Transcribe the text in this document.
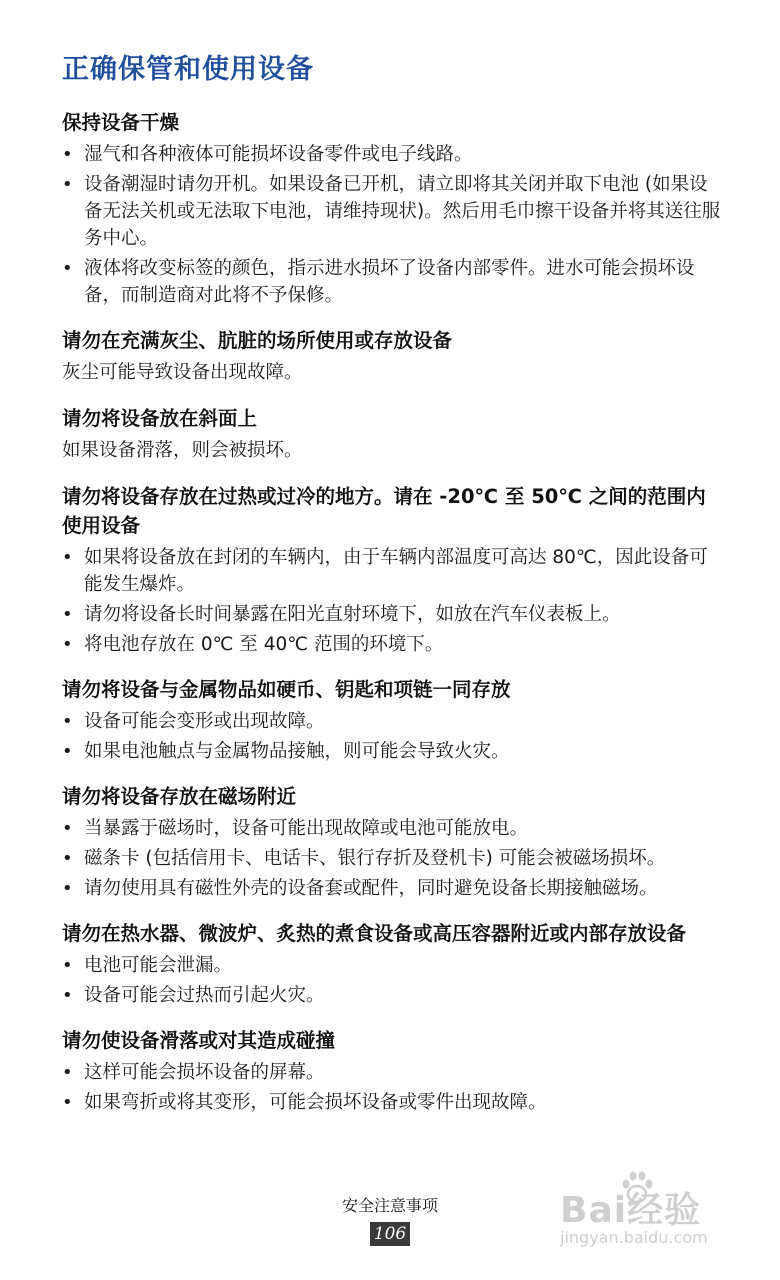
正确保管和使用设备
保持设备干燥
• 湿气和各种液体可能损坏设备零件或电子线路。
• 设备潮湿时请勿开机。如果设备已开机，请立即将其关闭并取下电池 (如果设备无法关机或无法取下电池，请维持现状)。然后用毛巾擦干设备并将其送往服务中心。
• 液体将改变标签的颜色，指示进水损坏了设备内部零件。进水可能会损坏设备，而制造商对此将不予保修。
请勿在充满灰尘、肮脏的场所使用或存放设备

灰尘可能导致设备出现故障。

请勿将设备放在斜面上

如果设备滑落，则会被损坏。

请勿将设备存放在过热或过冷的地方。请在 -20℃ 至 50℃ 之间的范围内使用设备
• 如果将设备放在封闭的车辆内，由于车辆内部温度可高达 80℃，因此设备可能发生爆炸。
• 请勿将设备长时间暴露在阳光直射环境下，如放在汽车仪表板上。
• 将电池存放在 0℃ 至 40℃ 范围的环境下。
请勿将设备与金属物品如硬币、钥匙和项链一同存放
• 设备可能会变形或出现故障。
• 如果电池触点与金属物品接触，则可能会导致火灾。
请勿将设备存放在磁场附近
• 当暴露于磁场时，设备可能出现故障或电池可能放电。
• 磁条卡 (包括信用卡、电话卡、银行存折及登机卡) 可能会被磁场损坏。
• 请勿使用具有磁性外壳的设备套或配件，同时避免设备长期接触磁场。
请勿在热水器、微波炉、炙热的煮食设备或高压容器附近或内部存放设备
• 电池可能会泄漏。
• 设备可能会过热而引起火灾。
请勿使设备滑落或对其造成碰撞
• 这样可能会损坏设备的屏幕。
• 如果弯折或将其变形，可能会损坏设备或零件出现故障。
安全注意事项
106
Bai经验
jingyan.baidu.com
